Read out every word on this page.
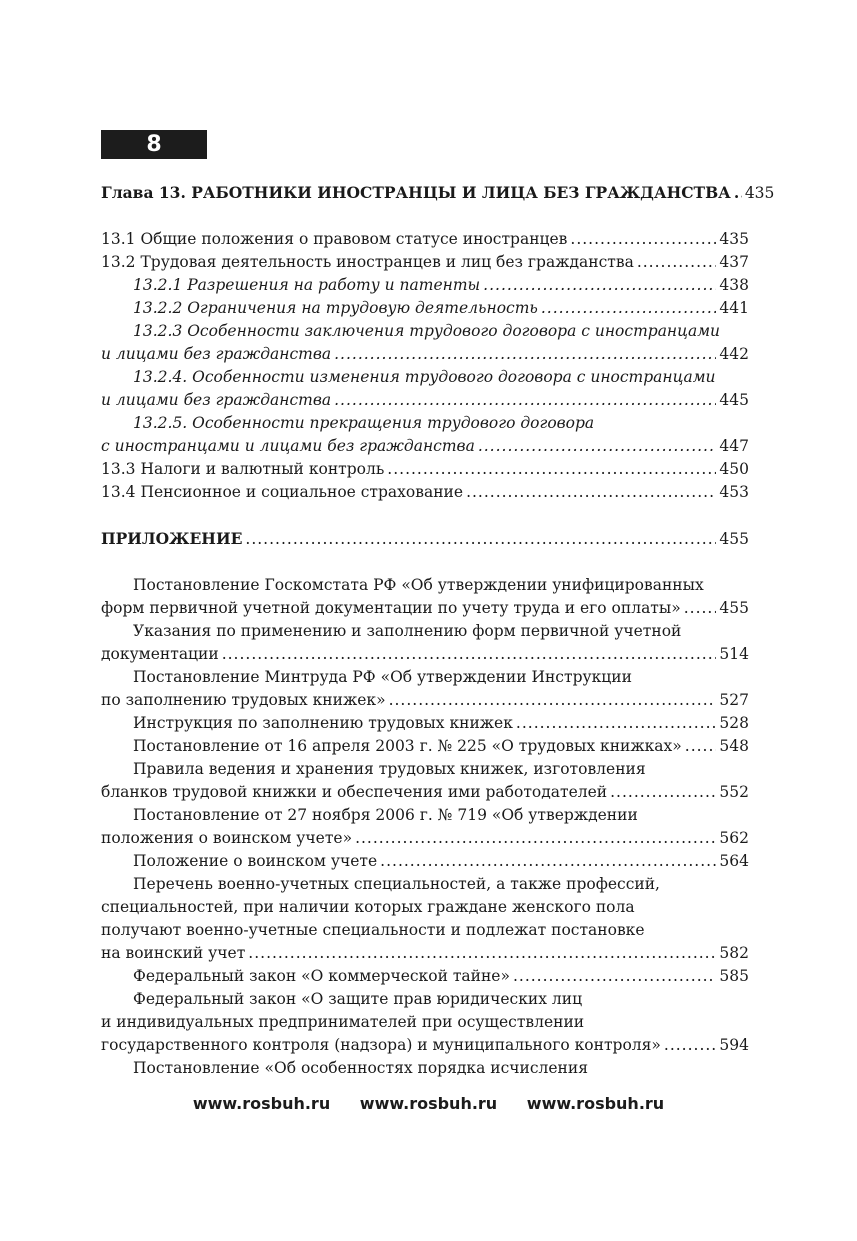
8
Глава 13. РАБОТНИКИ ИНОСТРАНЦЫ И ЛИЦА БЕЗ ГРАЖДАНСТВА ..... 435
13.1 Общие положения о правовом статусе иностранцев .....	435
13.2 Трудовая деятельность иностранцев и лиц без гражданства .....	437
13.2.1 Разрешения на работу и патенты .....	438
13.2.2 Ограничения на трудовую деятельность .....	441
13.2.3 Особенности заключения трудового договора с иностранцами
и лицами без гражданства .....	442
13.2.4. Особенности изменения трудового договора с иностранцами
и лицами без гражданства .....	445
13.2.5. Особенности прекращения трудового договора
с иностранцами и лицами без гражданства .....	447
13.3 Налоги и валютный контроль .....	450
13.4 Пенсионное и социальное страхование .....	453
ПРИЛОЖЕНИЕ .....	455
Постановление Госкомстата РФ «Об утверждении унифицированных
форм первичной учетной документации по учету труда и его оплаты» ..... 455
Указания по применению и заполнению форм первичной учетной
документации .....	514
Постановление Минтруда РФ «Об утверждении Инструкции
по заполнению трудовых книжек» .....	527
Инструкция по заполнению трудовых книжек .....	528
Постановление от 16 апреля 2003 г. № 225 «О трудовых книжках» ..... 548
Правила ведения и хранения трудовых книжек, изготовления
бланков трудовой книжки и обеспечения ими работодателей .....	552
Постановление от 27 ноября 2006 г. № 719 «Об утверждении
положения о воинском учете» .....	562
Положение о воинском учете .....	564
Перечень военно-учетных специальностей, а также профессий,
специальностей, при наличии которых граждане женского пола
получают военно-учетные специальности и подлежат постановке
на воинский учет .....	582
Федеральный закон «О коммерческой тайне» .....	585
Федеральный закон «О защите прав юридических лиц
и индивидуальных предпринимателей при осуществлении
государственного контроля (надзора) и муниципального контроля» .....	594
Постановление «Об особенностях порядка исчисления
www.rosbuh.ru www.rosbuh.ru www.rosbuh.ru
